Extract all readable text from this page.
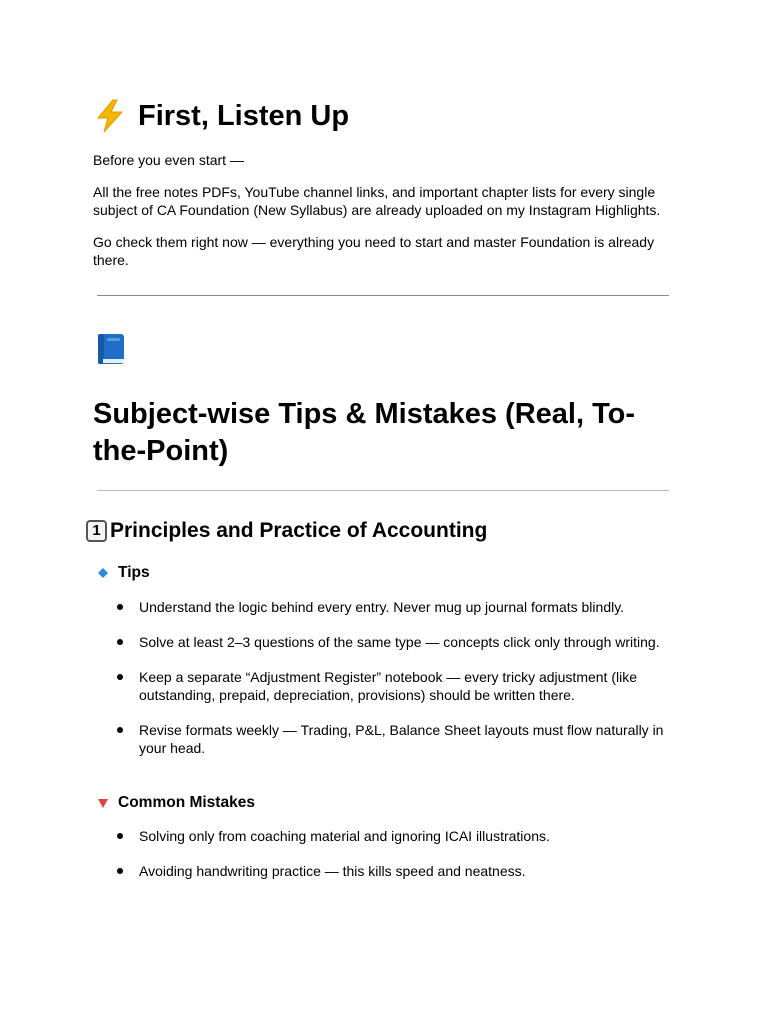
First, Listen Up
Before you even start —
All the free notes PDFs, YouTube channel links, and important chapter lists for every single subject of CA Foundation (New Syllabus) are already uploaded on my Instagram Highlights.
Go check them right now — everything you need to start and master Foundation is already there.
Subject-wise Tips & Mistakes (Real, To-the-Point)
1 Principles and Practice of Accounting
Tips
Understand the logic behind every entry. Never mug up journal formats blindly.
Solve at least 2–3 questions of the same type — concepts click only through writing.
Keep a separate “Adjustment Register” notebook — every tricky adjustment (like outstanding, prepaid, depreciation, provisions) should be written there.
Revise formats weekly — Trading, P&L, Balance Sheet layouts must flow naturally in your head.
Common Mistakes
Solving only from coaching material and ignoring ICAI illustrations.
Avoiding handwriting practice — this kills speed and neatness.
